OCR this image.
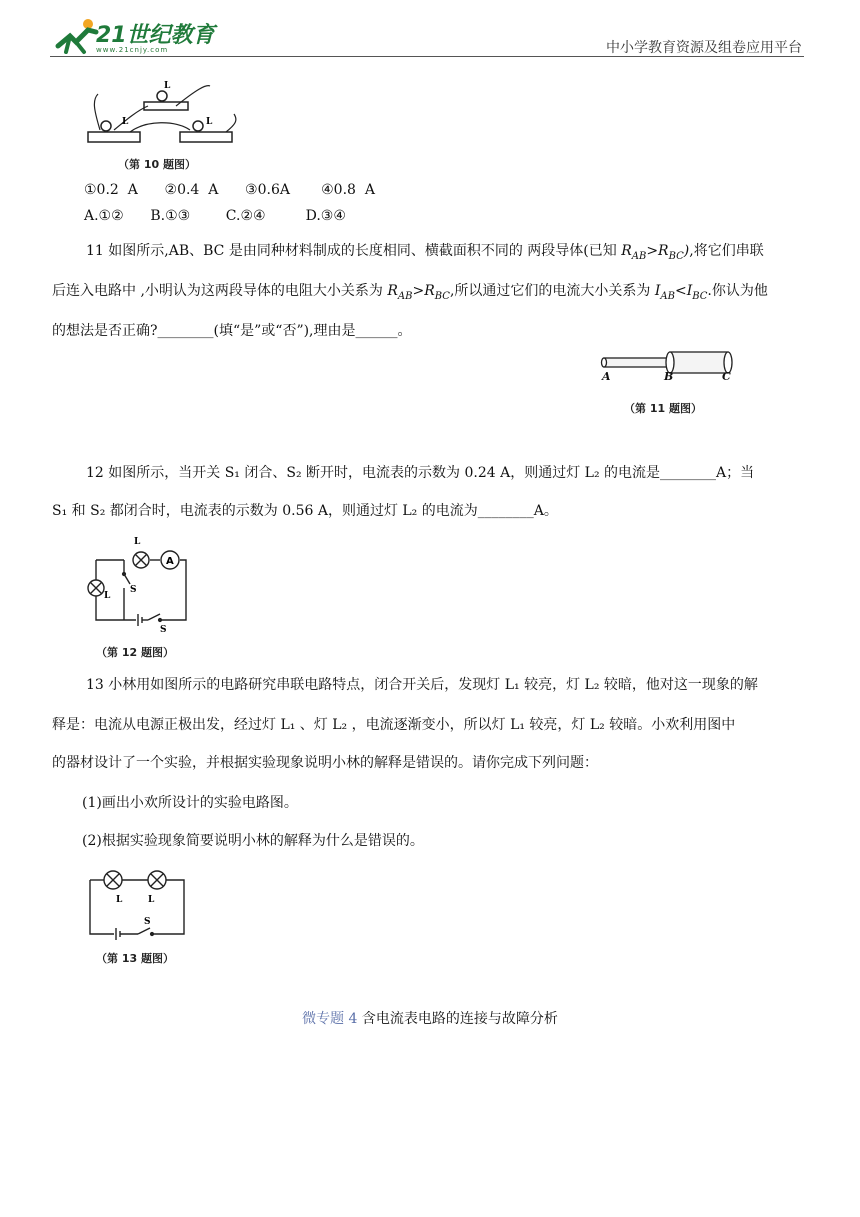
21世纪教育
www.21cnjy.com	中小学教育资源及组卷应用平台
L
L
L
（第 10 题图）
①0.2  A      ②0.4  A      ③0.6A       ④0.8  A
A.①②      B.①③        C.②④         D.③④
11 如图所示,AB、BC 是由同种材料制成的长度相同、横截面积不同的 两段导体(已知 $R_{AB}>R_{BC}$),将它们串联
后连入电路中 ,小明认为这两段导体的电阻大小关系为 $R_{AB}>R_{BC}$,所以通过它们的电流大小关系为 $I_{AB}<I_{BC}$.你认为他
的想法是否正确?________(填“是”或“否”),理由是______。
A	B	C
（第 11 题图）
12 如图所示，当开关 S₁ 闭合、S₂ 断开时，电流表的示数为 0.24 A，则通过灯 L₂ 的电流是________A；当
S₁ 和 S₂ 都闭合时，电流表的示数为 0.56 A，则通过灯 L₂ 的电流为________A。
A
L
L
S
S
（第 12 题图）
13 小林用如图所示的电路研究串联电路特点，闭合开关后，发现灯 L₁ 较亮，灯 L₂ 较暗，他对这一现象的解
释是：电流从电源正极出发，经过灯 L₁ 、灯 L₂ ，电流逐渐变小，所以灯 L₁ 较亮，灯 L₂ 较暗。小欢利用图中
的器材设计了一个实验，并根据实验现象说明小林的解释是错误的。请你完成下列问题：
(1)画出小欢所设计的实验电路图。
(2)根据实验现象简要说明小林的解释为什么是错误的。
L	L
S
（第 13 题图）
微专题 4 含电流表电路的连接与故障分析
